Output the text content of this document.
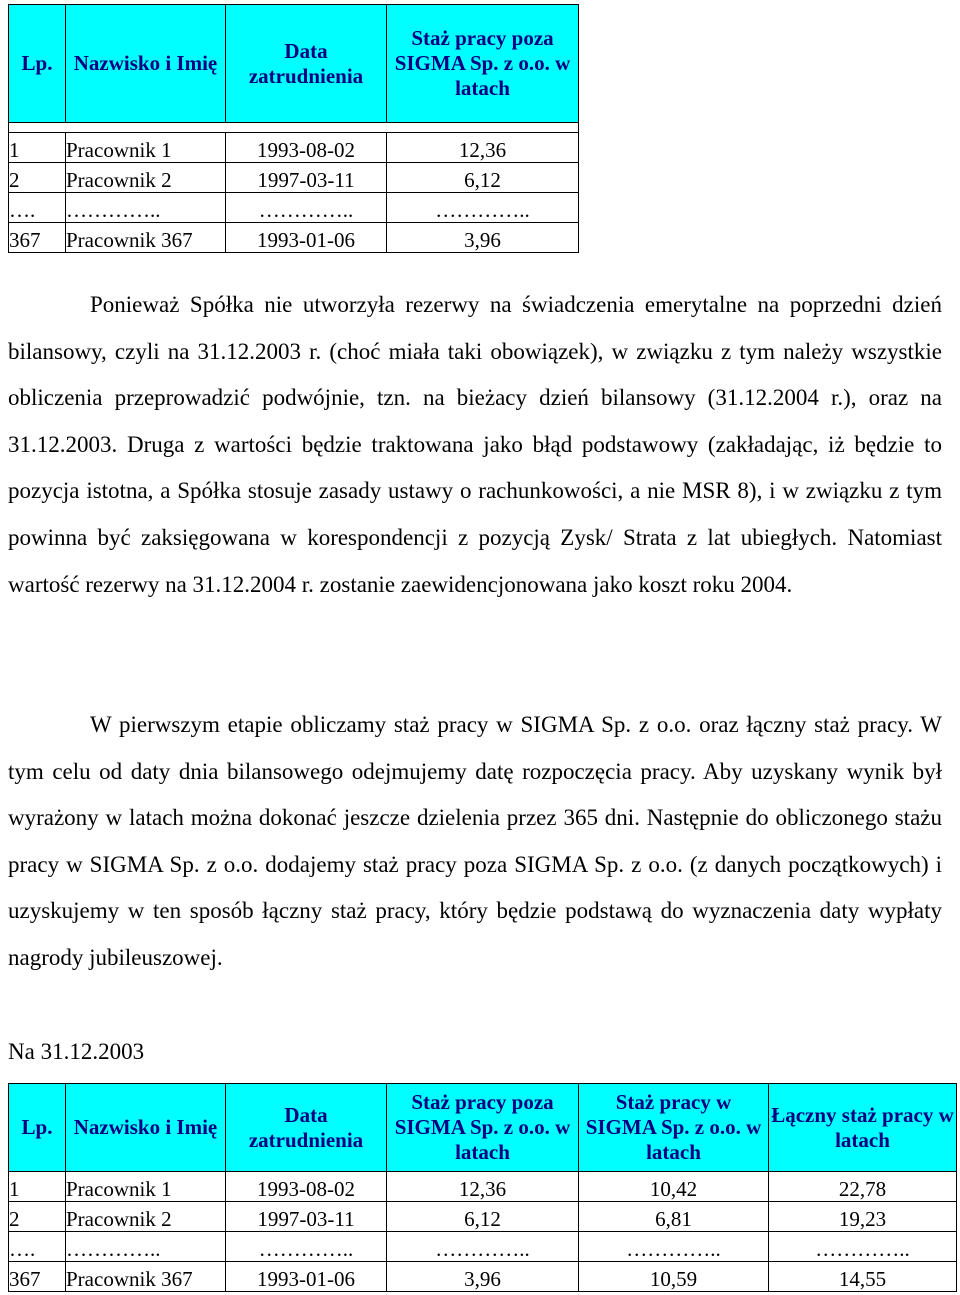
Lp.	Nazwisko i Imię	Data zatrudnienia	Staż pracy poza SIGMA Sp. z o.o. w latach

1	Pracownik 1	1993-08-02	12,36
2	Pracownik 2	1997-03-11	6,12
….	…………..	…………..	…………..
367	Pracownik 367	1993-01-06	3,96

Ponieważ Spółka nie utworzyła rezerwy na świadczenia emerytalne na poprzedni dzień bilansowy, czyli na 31.12.2003 r. (choć miała taki obowiązek), w związku z tym należy wszystkie obliczenia przeprowadzić podwójnie, tzn. na bieżacy dzień bilansowy (31.12.2004 r.), oraz na 31.12.2003. Druga z wartości będzie traktowana jako błąd podstawowy (zakładając, iż będzie to pozycja istotna, a Spółka stosuje zasady ustawy o rachunkowości, a nie MSR 8), i w związku z tym powinna być zaksięgowana w korespondencji z pozycją Zysk/ Strata z lat ubiegłych. Natomiast wartość rezerwy na 31.12.2004 r. zostanie zaewidencjonowana jako koszt roku 2004.

W pierwszym etapie obliczamy staż pracy w SIGMA Sp. z o.o. oraz łączny staż pracy. W tym celu od daty dnia bilansowego odejmujemy datę rozpoczęcia pracy. Aby uzyskany wynik był wyrażony w latach można dokonać jeszcze dzielenia przez 365 dni. Następnie do obliczonego stażu pracy w SIGMA Sp. z o.o. dodajemy staż pracy poza SIGMA Sp. z o.o. (z danych początkowych) i uzyskujemy w ten sposób łączny staż pracy, który będzie podstawą do wyznaczenia daty wypłaty nagrody jubileuszowej.

Na 31.12.2003

Lp.	Nazwisko i Imię	Data zatrudnienia	Staż pracy poza SIGMA Sp. z o.o. w latach	Staż pracy w SIGMA Sp. z o.o. w latach	Łączny staż pracy w latach
1	Pracownik 1	1993-08-02	12,36	10,42	22,78
2	Pracownik 2	1997-03-11	6,12	6,81	19,23
….	…………..	…………..	…………..	…………..	…………..
367	Pracownik 367	1993-01-06	3,96	10,59	14,55
